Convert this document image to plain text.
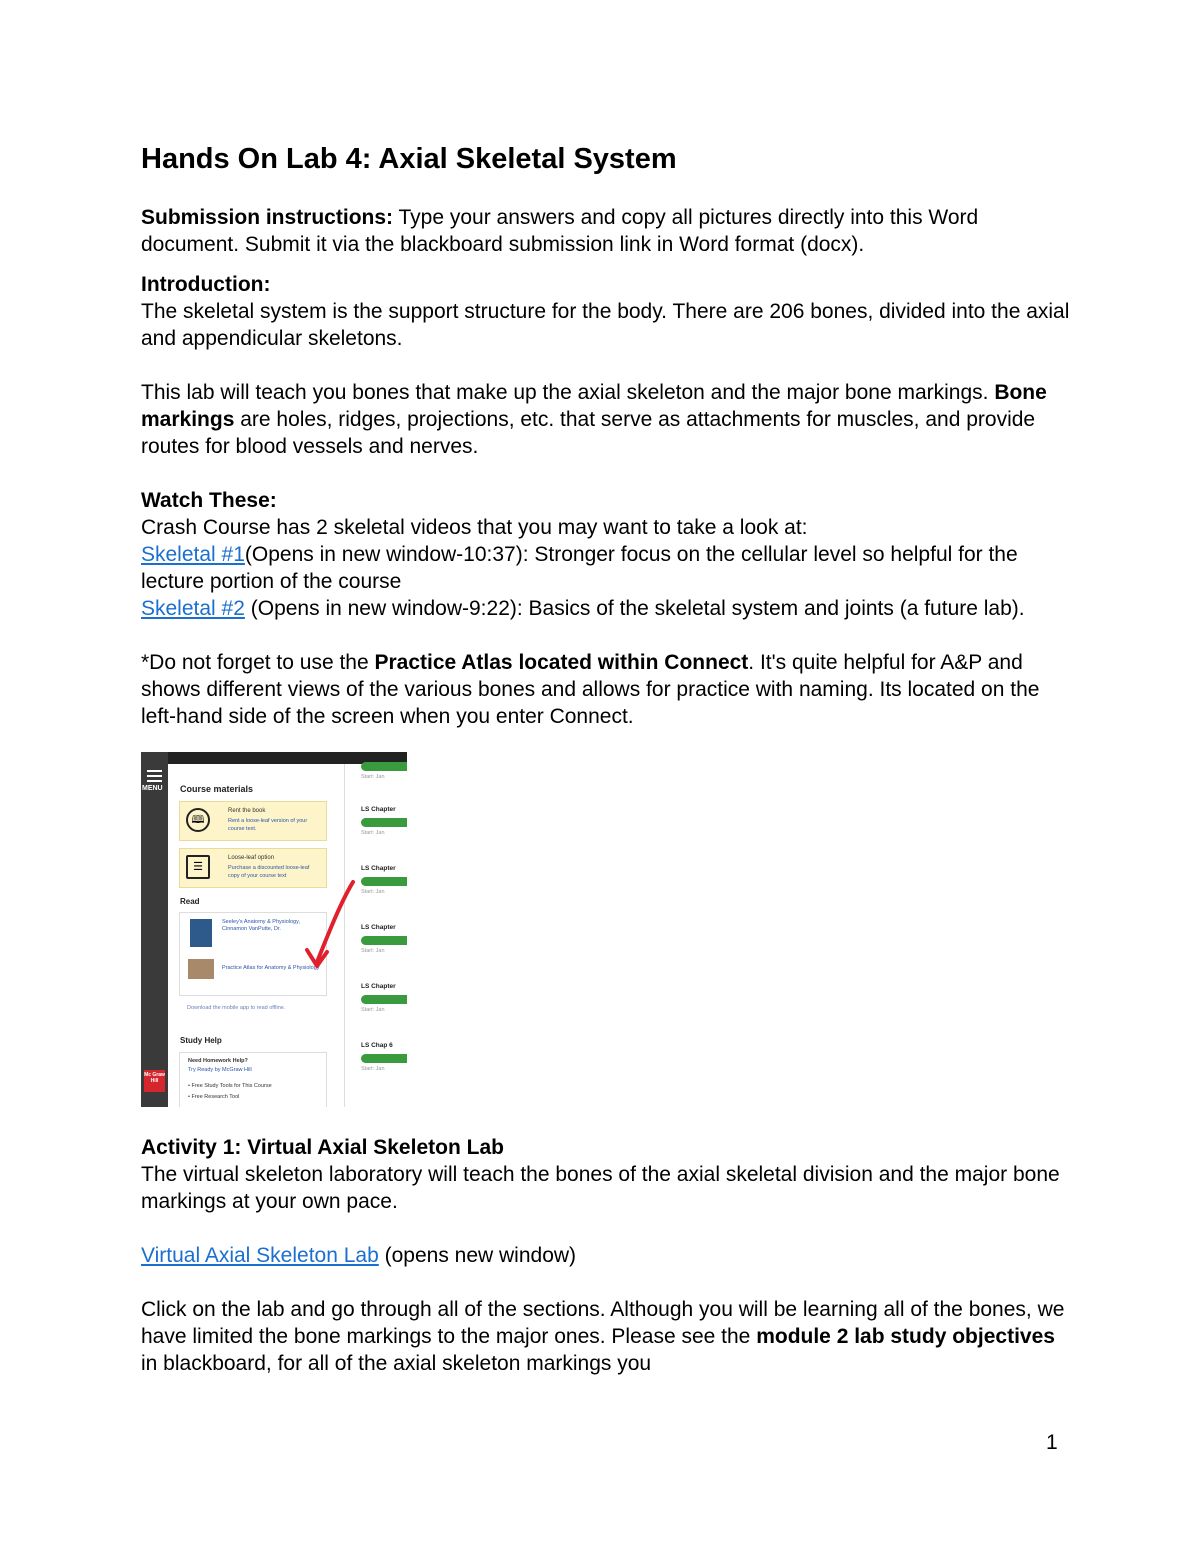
Hands On Lab 4: Axial Skeletal System

Submission instructions: Type your answers and copy all pictures directly into this Word document. Submit it via the blackboard submission link in Word format (docx).

Introduction:

The skeletal system is the support structure for the body. There are 206 bones, divided into the axial and appendicular skeletons.

This lab will teach you bones that make up the axial skeleton and the major bone markings. Bone markings are holes, ridges, projections, etc. that serve as attachments for muscles, and provide routes for blood vessels and nerves.

Watch These:

Crash Course has 2 skeletal videos that you may want to take a look at:

Skeletal #1(Opens in new window-10:37): Stronger focus on the cellular level so helpful for the lecture portion of the course

Skeletal #2 (Opens in new window-9:22): Basics of the skeletal system and joints (a future lab).

*Do not forget to use the Practice Atlas located within Connect. It's quite helpful for A&P and shows different views of the various bones and allows for practice with naming. Its located on the left-hand side of the screen when you enter Connect.

MENU
Mc Graw Hill
Course materials
🕮
Rent the book
Rent a loose-leaf version of your course text.
☰
Loose-leaf option
Purchase a discounted loose-leaf copy of your course text
Read
Seeley's Anatomy & Physiology, Cinnamon VanPutte, Dr.
Practice Atlas for Anatomy & Physiology
Download the mobile app to read offline.
Study Help
Need Homework Help?
Try Ready by McGraw Hill
• Free Study Tools for This Course
• Free Research Tool
Start: Jan
LS Chapter
Start: Jan
LS Chapter
Start: Jan
LS Chapter
Start: Jan
LS Chapter
Start: Jan
LS Chap 6
Start: Jan

Activity 1: Virtual Axial Skeleton Lab

The virtual skeleton laboratory will teach the bones of the axial skeletal division and the major bone markings at your own pace.

Virtual Axial Skeleton Lab (opens new window)

Click on the lab and go through all of the sections. Although you will be learning all of the bones, we have limited the bone markings to the major ones. Please see the module 2 lab study objectives in blackboard, for all of the axial skeleton markings you

1
